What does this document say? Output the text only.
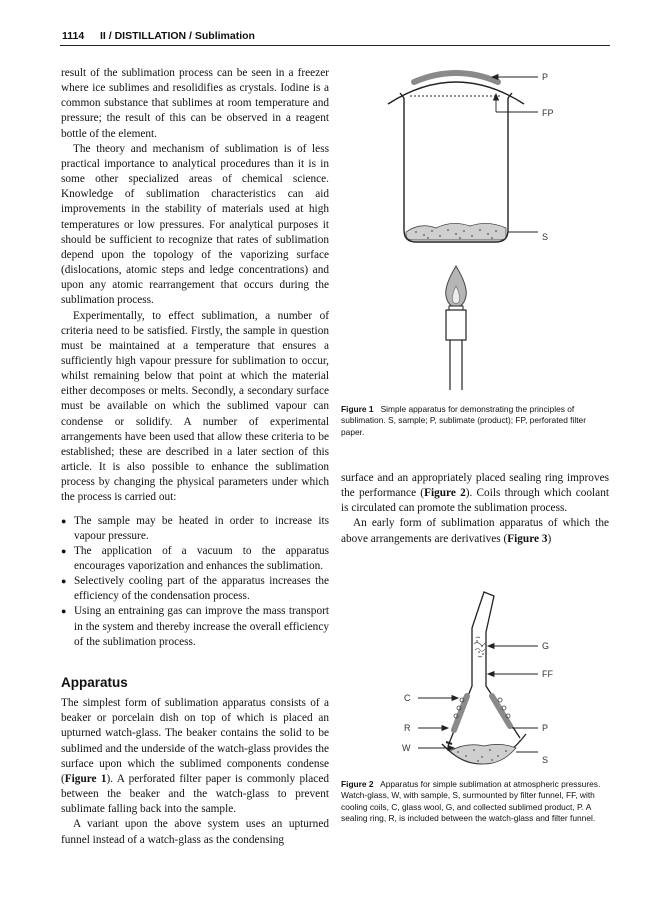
1114 II / DISTILLATION / Sublimation

result of the sublimation process can be seen in a freezer where ice sublimes and resolidifies as crystals. Iodine is a common substance that sublimes at room temperature and pressure; the result of this can be observed in a reagent bottle of the element.

The theory and mechanism of sublimation is of less practical importance to analytical procedures than it is in some other specialized areas of chemical science. Knowledge of sublimation characteristics can aid improvements in the stability of materials used at high temperatures or low pressures. For analytical purposes it should be sufficient to recognize that rates of sublimation depend upon the topology of the vaporizing surface (dislocations, atomic steps and ledge concentrations) and upon any atomic rearrangement that occurs during the sublimation process.

Experimentally, to effect sublimation, a number of criteria need to be satisfied. Firstly, the sample in question must be maintained at a temperature that ensures a sufficiently high vapour pressure for sublimation to occur, whilst remaining below that point at which the material either decomposes or melts. Secondly, a secondary surface must be available on which the sublimed vapour can condense or solidify. A number of experimental arrangements have been used that allow these criteria to be established; these are described in a later section of this article. It is also possible to enhance the sublimation process by changing the physical parameters under which the process is carried out:

● The sample may be heated in order to increase its vapour pressure.
● The application of a vacuum to the apparatus encourages vaporization and enhances the sublimation.
● Selectively cooling part of the apparatus increases the efficiency of the condensation process.
● Using an entraining gas can improve the mass transport in the system and thereby increase the overall efficiency of the sublimation process.
Apparatus

The simplest form of sublimation apparatus consists of a beaker or porcelain dish on top of which is placed an upturned watch-glass. The beaker contains the solid to be sublimed and the underside of the watch-glass provides the surface upon which the sublimed components condense (Figure 1). A perforated filter paper is commonly placed between the beaker and the watch-glass to prevent sublimate falling back into the sample.

A variant upon the above system uses an upturned funnel instead of a watch-glass as the condensing

P
FP
S
Figure 1 Simple apparatus for demonstrating the principles of sublimation. S, sample; P, sublimate (product); FP, perforated filter paper.

surface and an appropriately placed sealing ring improves the performance (Figure 2). Coils through which coolant is circulated can promote the sublimation process.

An early form of sublimation apparatus of which the above arrangements are derivatives (Figure 3)

G
FF
C
R	P
W
S
Figure 2 Apparatus for simple sublimation at atmospheric pressures. Watch-glass, W, with sample, S, surmounted by filter funnel, FF, with cooling coils, C, glass wool, G, and collected sublimed product, P. A sealing ring, R, is included between the watch-glass and filter funnel.
